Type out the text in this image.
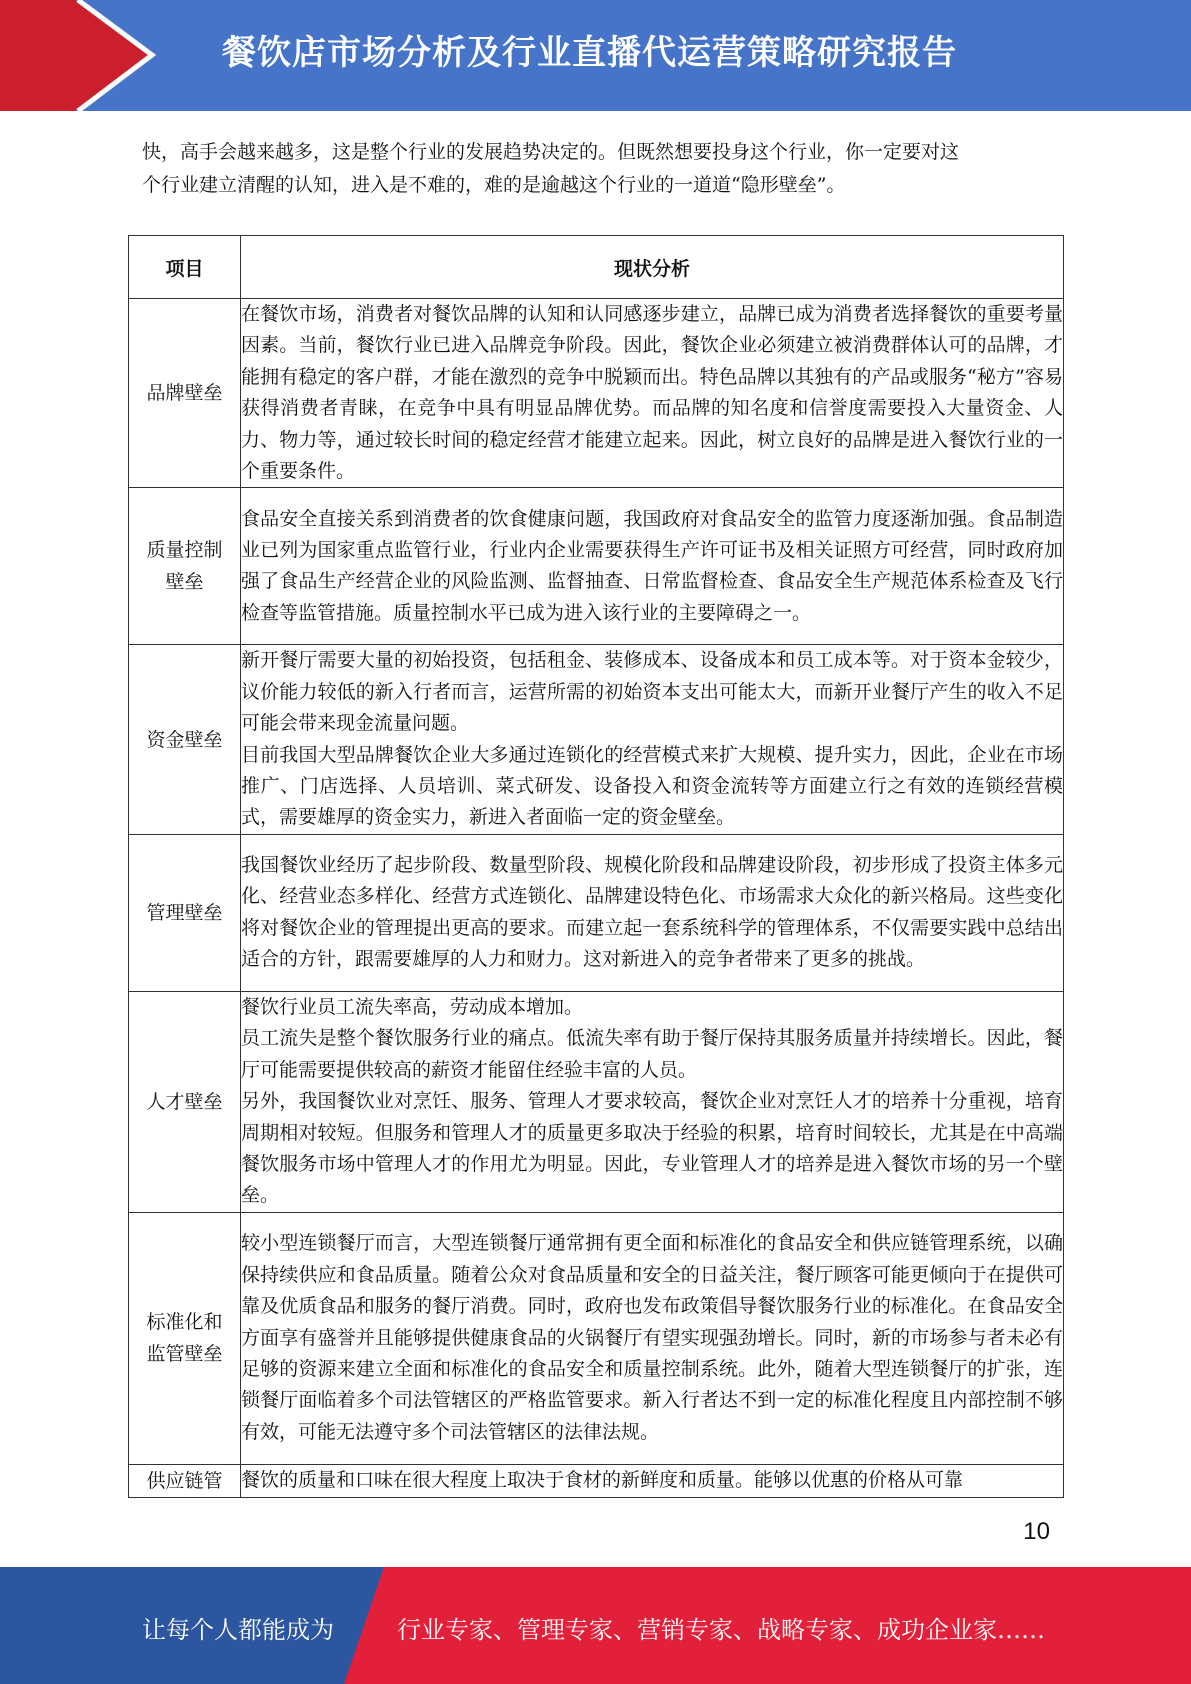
餐饮店市场分析及行业直播代运营策略研究报告
快，高手会越来越多，这是整个行业的发展趋势决定的。但既然想要投身这个行业，你一定要对这
个行业建立清醒的认知，进入是不难的，难的是逾越这个行业的一道道“隐形壁垒”。
项目	现状分析
品牌壁垒	在餐饮市场，消费者对餐饮品牌的认知和认同感逐步建立，品牌已成为消费者选择餐饮的重要考量因素。当前，餐饮行业已进入品牌竞争阶段。因此，餐饮企业必须建立被消费群体认可的品牌，才能拥有稳定的客户群，才能在激烈的竞争中脱颖而出。特色品牌以其独有的产品或服务“秘方”容易获得消费者青睐，在竞争中具有明显品牌优势。而品牌的知名度和信誉度需要投入大量资金、人力、物力等，通过较长时间的稳定经营才能建立起来。因此，树立良好的品牌是进入餐饮行业的一个重要条件。

质量控制
壁垒	食品安全直接关系到消费者的饮食健康问题，我国政府对食品安全的监管力度逐渐加强。食品制造业已列为国家重点监管行业，行业内企业需要获得生产许可证书及相关证照方可经营，同时政府加强了食品生产经营企业的风险监测、监督抽查、日常监督检查、食品安全生产规范体系检查及飞行检查等监管措施。质量控制水平已成为进入该行业的主要障碍之一。

资金壁垒	新开餐厅需要大量的初始投资，包括租金、装修成本、设备成本和员工成本等。对于资本金较少，议价能力较低的新入行者而言，运营所需的初始资本支出可能太大，而新开业餐厅产生的收入不足可能会带来现金流量问题。

目前我国大型品牌餐饮企业大多通过连锁化的经营模式来扩大规模、提升实力，因此，企业在市场推广、门店选择、人员培训、菜式研发、设备投入和资金流转等方面建立行之有效的连锁经营模式，需要雄厚的资金实力，新进入者面临一定的资金壁垒。

管理壁垒	我国餐饮业经历了起步阶段、数量型阶段、规模化阶段和品牌建设阶段，初步形成了投资主体多元化、经营业态多样化、经营方式连锁化、品牌建设特色化、市场需求大众化的新兴格局。这些变化将对餐饮企业的管理提出更高的要求。而建立起一套系统科学的管理体系，不仅需要实践中总结出适合的方针，跟需要雄厚的人力和财力。这对新进入的竞争者带来了更多的挑战。

人才壁垒	餐饮行业员工流失率高，劳动成本增加。

员工流失是整个餐饮服务行业的痛点。低流失率有助于餐厅保持其服务质量并持续增长。因此，餐厅可能需要提供较高的薪资才能留住经验丰富的人员。

另外，我国餐饮业对烹饪、服务、管理人才要求较高，餐饮企业对烹饪人才的培养十分重视，培育周期相对较短。但服务和管理人才的质量更多取决于经验的积累，培育时间较长，尤其是在中高端餐饮服务市场中管理人才的作用尤为明显。因此，专业管理人才的培养是进入餐饮市场的另一个壁垒。

标准化和
监管壁垒	较小型连锁餐厅而言，大型连锁餐厅通常拥有更全面和标准化的食品安全和供应链管理系统，以确保持续供应和食品质量。随着公众对食品质量和安全的日益关注，餐厅顾客可能更倾向于在提供可靠及优质食品和服务的餐厅消费。同时，政府也发布政策倡导餐饮服务行业的标准化。在食品安全方面享有盛誉并且能够提供健康食品的火锅餐厅有望实现强劲增长。同时，新的市场参与者未必有足够的资源来建立全面和标准化的食品安全和质量控制系统。此外，随着大型连锁餐厅的扩张，连锁餐厅面临着多个司法管辖区的严格监管要求。新入行者达不到一定的标准化程度且内部控制不够有效，可能无法遵守多个司法管辖区的法律法规。

供应链管	餐饮的质量和口味在很大程度上取决于食材的新鲜度和质量。能够以优惠的价格从可靠

10
让每个人都能成为	行业专家、管理专家、营销专家、战略专家、成功企业家……
